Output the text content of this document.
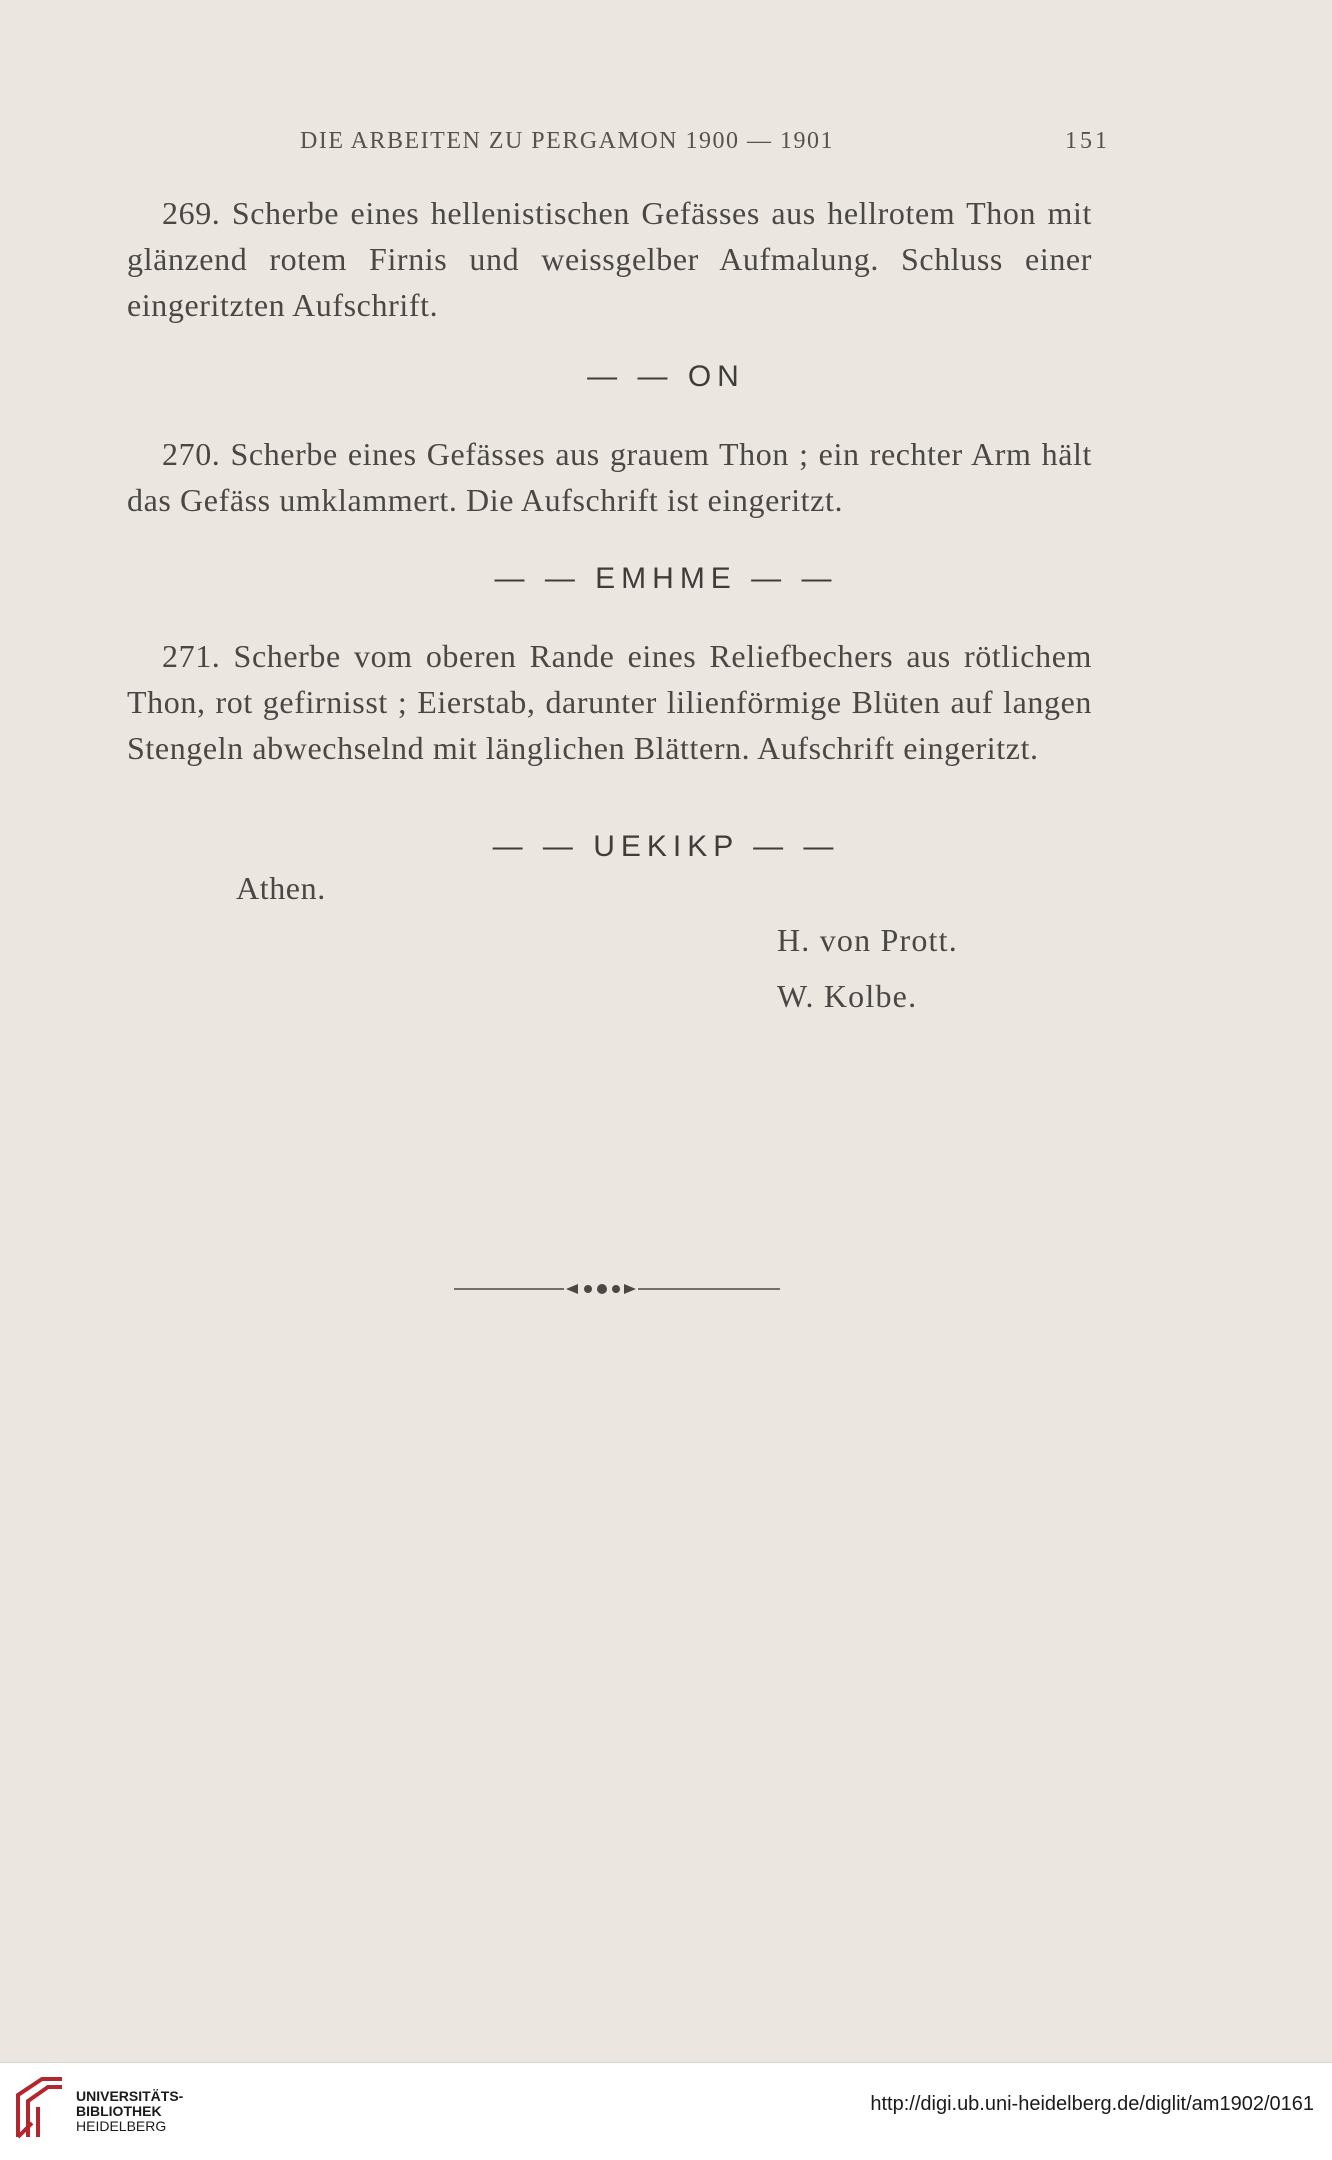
DIE ARBEITEN ZU PERGAMON 1900 — 1901	151

269. Scherbe eines hellenistischen Gefässes aus hellrotem Thon mit glänzend rotem Firnis und weissgelber Aufmalung. Schluss einer eingeritzten Aufschrift.

— — ON

270. Scherbe eines Gefässes aus grauem Thon ; ein rechter Arm hält das Gefäss umklammert. Die Aufschrift ist eingeritzt.

— — EMHME — —

271. Scherbe vom oberen Rande eines Reliefbechers aus rötlichem Thon, rot gefirnisst ; Eierstab, darunter lilienförmige Blüten auf langen Stengeln abwechselnd mit länglichen Blättern. Aufschrift eingeritzt.

— — UEKIKP — —
Athen.
H. von Prott.
W. Kolbe.
UNIVERSITÄTS-
BIBLIOTHEK
HEIDELBERG
http://digi.ub.uni-heidelberg.de/diglit/am1902/0161
